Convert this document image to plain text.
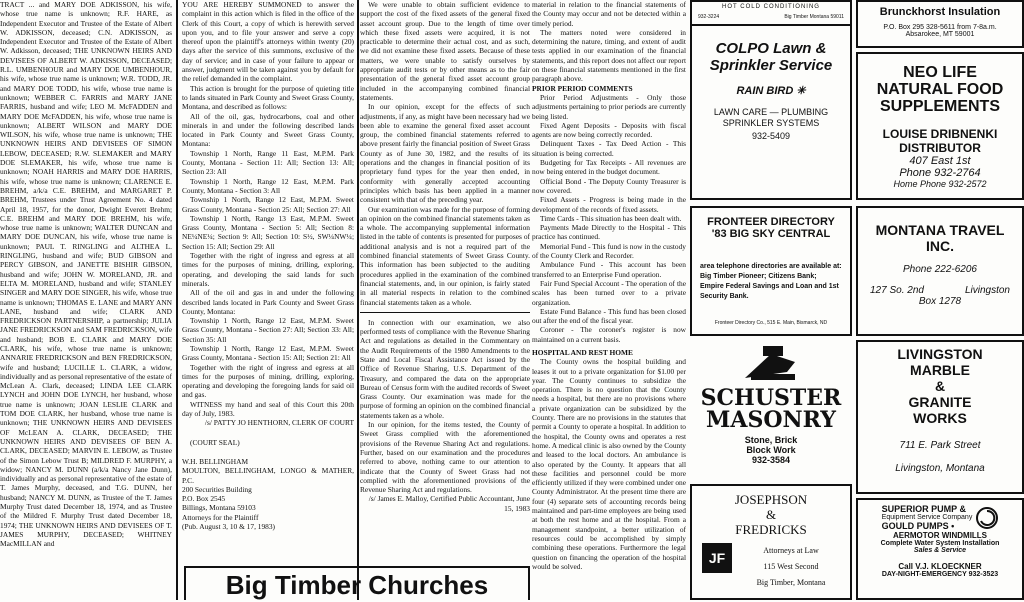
TRACT ... and MARY DOE ADKISSON, his wife, whose true name is unknown; R.F. HARE, as Independent Executor and Trustee of the Estate of Albert W. ADKISSON, deceased; C.N. ADKISSON, as Independent Executor and Trustee of the Estate of Albert W. Adkisson, deceased; THE UNKNOWN HEIRS AND DEVISEES OF ALBERT W. ADKISSON, DECEASED; R.L. UMBENHOUR and MARY DOE UMBENHOUR, his wife, whose true name is unknown; W.R. TODD, JR. and MARY DOE TODD, his wife, whose true name is unknown; WEBBER C. FARRIS and MARY JANE FARRIS, husband and wife; LEO M. McFADDEN and MARY DOE McFADDEN, his wife, whose true name is unknown; ALBERT WILSON and MARY DOE WILSON, his wife, whose true name is unknown; THE UNKNOWN HEIRS AND DEVISEES OF SIMON LEBOW, DECEASED; R.W. SLEMAKER and MARY DOE SLEMAKER, his wife, whose true name is unknown; NOAH HARRIS and MARY DOE HARRIS, his wife, whose true name is unknown; CLARENCE E. BREHM, a/k/a C.E. BREHM, and MARGARET P. BREHM, Trustees under Trust Agreement No. 4 dated April 18, 1957, for the donor, Dwight Everett Brehm; C.E. BREHM and MARY DOE BREHM, his wife, whose true name is unknown; WALTER DUNCAN and MARY DOE DUNCAN, his wife, whose true name is unknown; PAUL T. RINGLING and ALTHEA L. RINGLING, husband and wife; BUD GIBSON and PERCY GIBSON, and JANETTE BISHIR GIBSON, husband and wife; JOHN W. MORELAND, JR. and ELTA M. MORELAND, husband and wife; STANLEY SINGER and MARY DOE SINGER, his wife, whose true name is unknown; THOMAS E. LANE and MARY ANN LANE, husband and wife; CLARK AND FREDRICKSON PARTNERSHIP, a partnership; JULIA JANE FREDRICKSON and SAM FREDRICKSON, wife and husband; BOB E. CLARK and MARY DOE CLARK, his wife, whose true name is unknown; ANNARIE FREDRICKSON and BEN FREDRICKSON, wife and husband; LUCILLE L. CLARK, a widow, individually and as personal representative of the estate of McLean A. Clark, deceased; LINDA LEE CLARK LYNCH and JOHN DOE LYNCH, her husband, whose true name is unknown; JOAN LESLIE CLARK and TOM DOE CLARK, her husband, whose true name is unknown; THE UNKNOWN HEIRS AND DEVISEES OF McLEAN A. CLARK, DECEASED; THE UNKNOWN HEIRS AND DEVISEES OF BEN A. CLARK, DECEASED; MARVIN E. LEBOW, as Trustee of the Simon Lebow Trust B; MILDRED F. MURPHY, a widow; NANCY M. DUNN (a/k/a Nancy Jane Dunn), individually and as personal representative of the estate of T. James Murphy, deceased, and T.G. DUNN, her husband; NANCY M. DUNN, as Trustee of the T. James Murphy Trust dated December 18, 1974, and as Trustee of the Mildred F. Murphy Trust dated December 18, 1974; THE UNKNOWN HEIRS AND DEVISEES OF T. JAMES MURPHY, DECEASED; WHITNEY MacMILLAN and

YOU ARE HEREBY SUMMONED to answer the complaint in this action which is filed in the office of the Clerk of this Court, a copy of which is herewith served upon you, and to file your answer and serve a copy thereof upon the plaintiff's attorneys within twenty (20) days after the service of this summons, exclusive of the day of service; and in case of your failure to appear or answer, judgment will be taken against you by default for the relief demanded in the complaint.

This action is brought for the purpose of quieting title to lands situated in Park County and Sweet Grass County, Montana, and described as follows:

All of the oil, gas, hydrocarbons, coal and other minerals in and under the following described lands located in Park County and Sweet Grass County, Montana:

Township 1 North, Range 11 East, M.P.M. Park County, Montana - Section 11: All; Section 13: All; Section 23: All

Township 1 North, Range 12 East, M.P.M. Park County, Montana - Section 3: All

Township 1 North, Range 12 East, M.P.M. Sweet Grass County, Montana - Section 25: All; Section 27: All

Township 1 North, Range 13 East, M.P.M. Sweet Grass County, Montana - Section 5: All; Section 8: NE¼NE¼; Section 9: All; Section 10: S½, SW¼NW¼; Section 15: All; Section 29: All

Together with the right of ingress and egress at all times for the purposes of mining, drilling, exploring, operating, and developing the said lands for such minerals.

All of the oil and gas in and under the following described lands located in Park County and Sweet Grass County, Montana:

Township 1 North, Range 12 East, M.P.M. Sweet Grass County, Montana - Section 27: All; Section 33: All; Section 35: All

Township 1 North, Range 12 East, M.P.M. Sweet Grass County, Montana - Section 15: All; Section 21: All

Together with the right of ingress and egress at all times for the purposes of mining, drilling, exploring, operating and developing the foregoing lands for said oil and gas.

WITNESS my hand and seal of this Court this 20th day of July, 1983.

/s/ PATTY JO HENTHORN, CLERK OF COURT

(COURT SEAL)

W.H. BELLINGHAM

MOULTON, BELLINGHAM, LONGO & MATHER, P.C.

200 Securities Building

P.O. Box 2545

Billings, Montana 59103

Attorneys for the Plaintiff

(Pub. August 3, 10 & 17, 1983)

We were unable to obtain sufficient evidence to support the cost of the fixed assets of the general fixed asset account group. Due to the length of time over which these fixed assets were acquired, it is not practicable to determine their actual cost, and as such, we did not examine these fixed assets. Because of these matters, we were unable to satisfy ourselves by appropriate audit tests or by other means as to the fair presentation of the general fixed asset account group included in the accompanying combined financial statements.

In our opinion, except for the effects of such adjustments, if any, as might have been necessary had we been able to examine the general fixed asset account group, the combined financial statements referred to above present fairly the financial position of Sweet Grass County as of June 30, 1982, and the results of its operations and the changes in financial position of its proprietary fund types for the year then ended, in conformity with generally accepted accounting principles which basis has been applied in a manner consistent with that of the preceding year.

Our examination was made for the purpose of forming an opinion on the combined financial statements taken as a whole. The accompanying supplemental information listed in the table of contents is presented for purposes of additional analysis and is not a required part of the combined financial statements of Sweet Grass County. This information has been subjected to the auditing procedures applied in the examination of the combined financial statements, and, in our opinion, is fairly stated in all material respects in relation to the combined financial statements taken as a whole.

In connection with our examination, we also performed tests of compliance with the Revenue Sharing Act and regulations as detailed in the Commentary on the Audit Requirements of the 1980 Amendments to the State and Local Fiscal Assistance Act issued by the Office of Revenue Sharing, U.S. Department of the Treasury, and compared the data on the appropriate Bureau of Census form with the audited records of Sweet Grass County. Our examination was made for the purpose of forming an opinion on the combined financial statements taken as a whole.

In our opinion, for the items tested, the County of Sweet Grass complied with the aforementioned provisions of the Revenue Sharing Act and regulations. Further, based on our examination and the procedures referred to above, nothing came to our attention to indicate that the County of Sweet Grass had not complied with the aforementioned provisions of the Revenue Sharing Act and regulations.

/s/ James E. Malloy, Certified Public Accountant, June 15, 1983

material in relation to the financial statements of the County may occur and not be detected within a timely period.

The matters noted were considered in determining the nature, timing, and extent of audit tests applied in our examination of the financial statements, and this report does not affect our report on these financial statements mentioned in the first paragraph above.

PRIOR PERIOD COMMENTS

Prior Period Adjustments - Only those adjustments pertaining to prior periods are currently being listed.

Fixed Agent Deposits - Deposits with fiscal agents are now being correctly recorded.

Delinquent Taxes - Tax Deed Action - This situation is being corrected.

Budgeting for Tax Receipts - All revenues are now being entered in the budget document.

Official Bond - The Deputy County Treasurer is now covered.

Fixed Assets - Progress is being made in the development of the records of fixed assets.

Time Cards - This situation has been dealt with.

Payments Made Directly to the Hospital - This practice has continued.

Memorial Fund - This fund is now in the custody of the County Clerk and Recorder.

Ambulance Fund - This account has been transferred to an Enterprise Fund operation.

Fair Fund Special Account - The operation of the scales has been turned over to a private organization.

Estate Fund Balance - This fund has been closed out after the end of the fiscal year.

Coroner - The coroner's register is now maintained on a current basis.

HOSPITAL AND REST HOME

The County owns the hospital building and leases it out to a private organization for $1.00 per year. The County continues to subsidize the operation. There is no question that the County needs a hospital, but there are no provisions where a private organization can be subsidized by the County. There are no provisions in the statutes that permit a County to operate a hospital. In addition to the hospital, the County owns and operates a rest home. A medical clinic is also owned by the County and leased to the local doctors. An ambulance is also operated by the County. It appears that all these facilities and personnel could be more efficiently utilized if they were combined under one County Administrator. At the present time there are four (4) separate sets of accounting records being maintained and part-time employees are being used at both the rest home and at the hospital. From a management standpoint, a better utilization of resources could be accomplished by simply combining these operations. Furthermore the legal question on financing the operation of the hospital would be solved.

Big Timber Churches
HOT COLD CONDITIONING
932-3224	Big Timber Montana 59011
COLPO Lawn & Sprinkler Service
RAIN BIRD ✳
LAWN CARE — PLUMBING SPRINKLER SYSTEMS
932-5409
Brunckhorst Insulation
P.O. Box 295 328-5611 from 7-8a.m.
Absarokee, MT 59001
NEO LIFE
NATURAL FOOD
SUPPLEMENTS
LOUISE DRIBNENKI
DISTRIBUTOR
407 East 1st
Phone 932-2764
Home Phone 932-2572
FRONTEER DIRECTORY
'83 BIG SKY CENTRAL
area telephone directories are available at: Big Timber Pioneer; Citizens Bank; Empire Federal Savings and Loan and 1st Security Bank.
Fronteer Directory Co., 515 E. Main, Bismarck, ND
MONTANA TRAVEL
INC.
Phone 222-6206
127 So. 2nd	Livingston
Box 1278
SCHUSTER
MASONRY
Stone, Brick
Block Work
932-3584
LIVINGSTON
MARBLE
&
GRANITE
WORKS
711 E. Park Street
Livingston, Montana
JOSEPHSON
&
FREDRICKS
JF	Attorneys at Law
115 West Second
Big Timber, Montana
SUPERIOR PUMP &
Equipment Service Company
GOULD PUMPS •
AERMOTOR WINDMILLS
Complete Water System Installation
Sales & Service
Call V.J. KLOECKNER
DAY-NIGHT-EMERGENCY 932-3523
